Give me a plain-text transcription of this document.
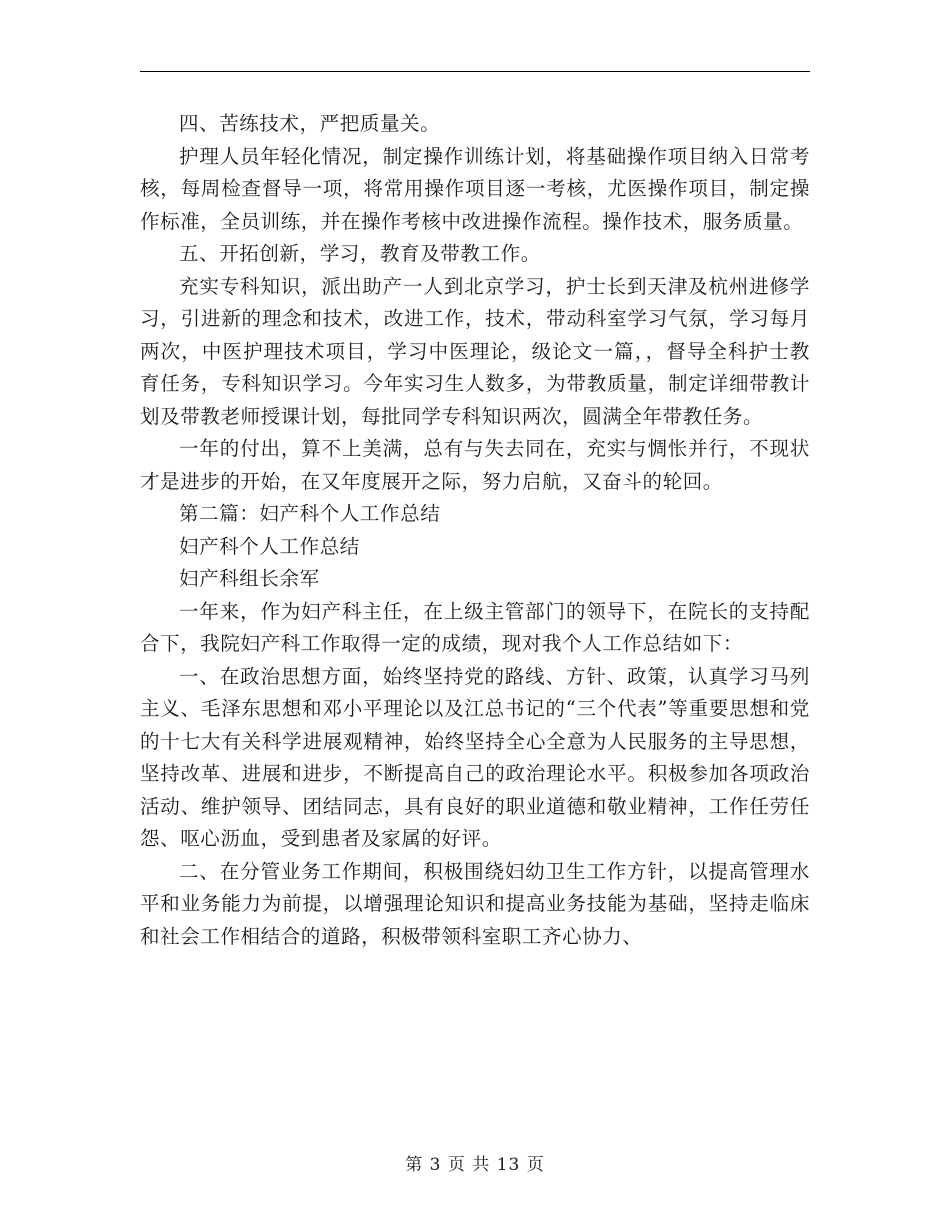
四、苦练技术，严把质量关。

护理人员年轻化情况，制定操作训练计划，将基础操作项目纳入日常考核，每周检查督导一项，将常用操作项目逐一考核，尤医操作项目，制定操作标准，全员训练，并在操作考核中改进操作流程。操作技术，服务质量。

五、开拓创新，学习，教育及带教工作。

充实专科知识，派出助产一人到北京学习，护士长到天津及杭州进修学习，引进新的理念和技术，改进工作，技术，带动科室学习气氛，学习每月两次，中医护理技术项目，学习中医理论，级论文一篇，，督导全科护士教育任务，专科知识学习。今年实习生人数多，为带教质量，制定详细带教计划及带教老师授课计划，每批同学专科知识两次，圆满全年带教任务。

一年的付出，算不上美满，总有与失去同在，充实与惆怅并行，不现状才是进步的开始，在又年度展开之际，努力启航，又奋斗的轮回。

第二篇：妇产科个人工作总结

妇产科个人工作总结

妇产科组长余军

一年来，作为妇产科主任，在上级主管部门的领导下，在院长的支持配合下，我院妇产科工作取得一定的成绩，现对我个人工作总结如下：

一、在政治思想方面，始终坚持党的路线、方针、政策，认真学习马列主义、毛泽东思想和邓小平理论以及江总书记的“三个代表”等重要思想和党的十七大有关科学进展观精神，始终坚持全心全意为人民服务的主导思想，坚持改革、进展和进步，不断提高自己的政治理论水平。积极参加各项政治活动、维护领导、团结同志，具有良好的职业道德和敬业精神，工作任劳任怨、呕心沥血，受到患者及家属的好评。

二、在分管业务工作期间，积极围绕妇幼卫生工作方针，以提高管理水平和业务能力为前提，以增强理论知识和提高业务技能为基础，坚持走临床和社会工作相结合的道路，积极带领科室职工齐心协力、

第 3 页 共 13 页
